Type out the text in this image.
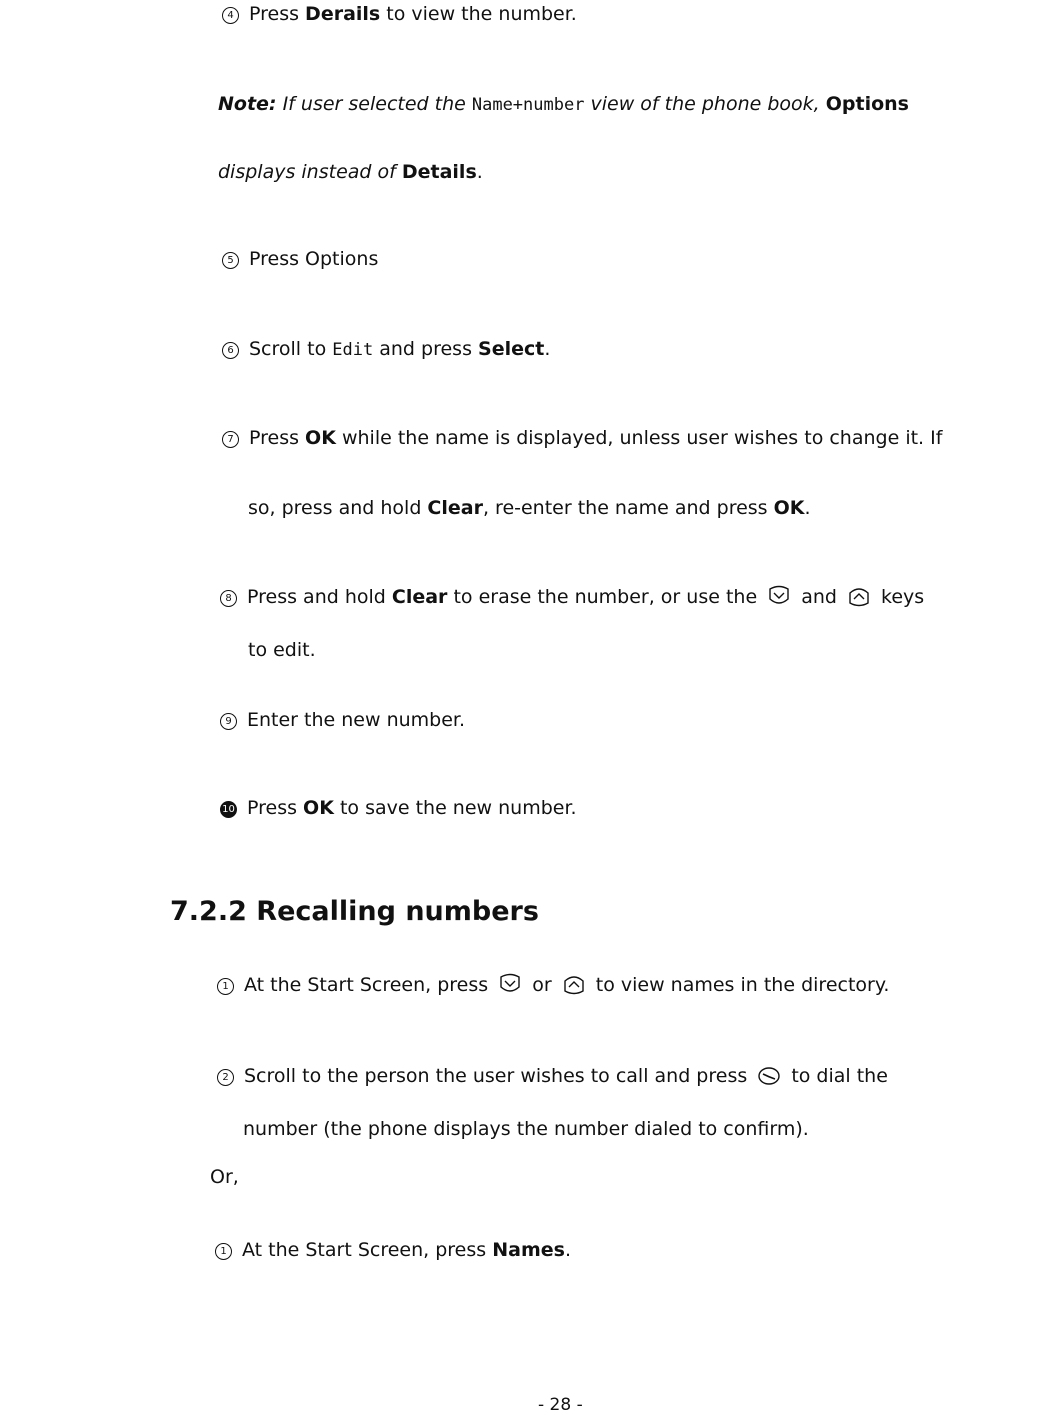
4 Press Derails to view the number.
Note: If user selected the Name+number view of the phone book, Options
displays instead of Details.
5 Press Options
6 Scroll to Edit and press Select.
7 Press OK while the name is displayed, unless user wishes to change it. If
so, press and hold Clear, re-enter the name and press OK.
8 Press and hold Clear to erase the number, or use the  and  keys
to edit.
9 Enter the new number.
10 Press OK to save the new number.
7.2.2 Recalling numbers
1 At the Start Screen, press  or  to view names in the directory.
2 Scroll to the person the user wishes to call and press  to dial the
number (the phone displays the number dialed to confirm).
Or,
1 At the Start Screen, press Names.
- 28 -
